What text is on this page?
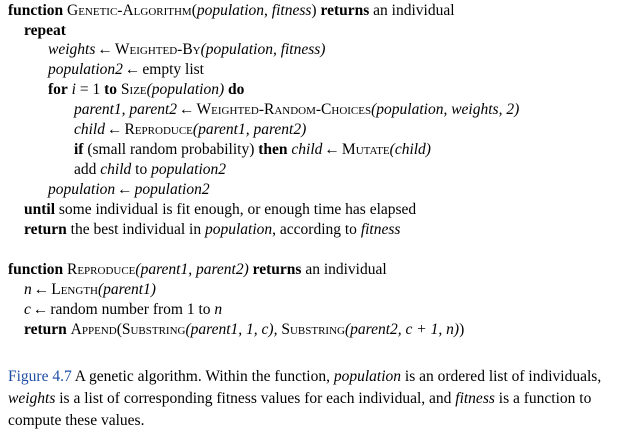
function Genetic-Algorithm(population, fitness) returns an individual
repeat
weights ← Weighted-By(population, fitness)
population2 ← empty list
for i = 1 to Size(population) do
parent1, parent2 ← Weighted-Random-Choices(population, weights, 2)
child ← Reproduce(parent1, parent2)
if (small random probability) then child ← Mutate(child)
add child to population2
population ← population2
until some individual is fit enough, or enough time has elapsed
return the best individual in population, according to fitness
function Reproduce(parent1, parent2) returns an individual
n ← Length(parent1)
c ← random number from 1 to n
return Append(Substring(parent1, 1, c), Substring(parent2, c + 1, n))
Figure 4.7 A genetic algorithm. Within the function, population is an ordered list of individuals, weights is a list of corresponding fitness values for each individual, and fitness is a function to compute these values.
